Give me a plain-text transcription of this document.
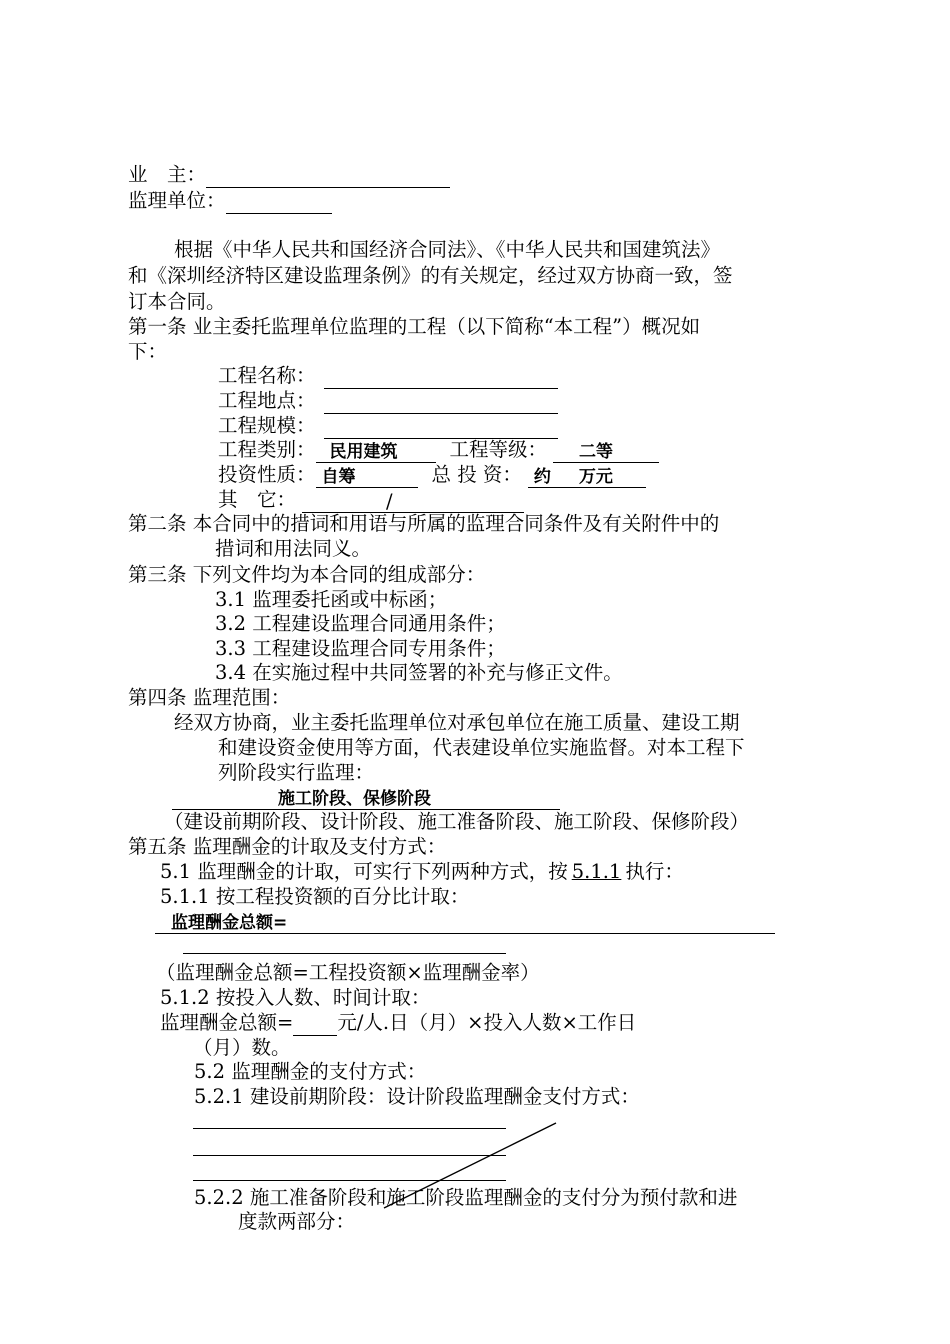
业　主：
监理单位：
根据《中华人民共和国经济合同法》、《中华人民共和国建筑法》
和《深圳经济特区建设监理条例》的有关规定，经过双方协商一致，签
订本合同。
第一条 业主委托监理单位监理的工程（以下简称“本工程”）概况如
下：
工程名称：
工程地点：
工程规模：
工程类别： 民用建筑	工程等级： 二等
投资性质： 自筹	总 投 资： 约 万元
其　它：	/
第二条 本合同中的措词和用语与所属的监理合同条件及有关附件中的
措词和用法同义。
第三条 下列文件均为本合同的组成部分：
3.1 监理委托函或中标函；
3.2 工程建设监理合同通用条件；
3.3 工程建设监理合同专用条件；
3.4 在实施过程中共同签署的补充与修正文件。
第四条 监理范围：
经双方协商，业主委托监理单位对承包单位在施工质量、建设工期
和建设资金使用等方面，代表建设单位实施监督。对本工程下
列阶段实行监理：
施工阶段、保修阶段
（建设前期阶段、设计阶段、施工准备阶段、施工阶段、保修阶段）
第五条 监理酬金的计取及支付方式：
5.1 监理酬金的计取，可实行下列两种方式，按 5.1.1 执行：
5.1.1 按工程投资额的百分比计取：
监理酬金总额=
（监理酬金总额=工程投资额×监理酬金率）
5.1.2 按投入人数、时间计取：
监理酬金总额= 元/人.日（月）×投入人数×工作日
（月）数。
5.2 监理酬金的支付方式：
5.2.1 建设前期阶段：设计阶段监理酬金支付方式：
5.2.2 施工准备阶段和施工阶段监理酬金的支付分为预付款和进
度款两部分：
